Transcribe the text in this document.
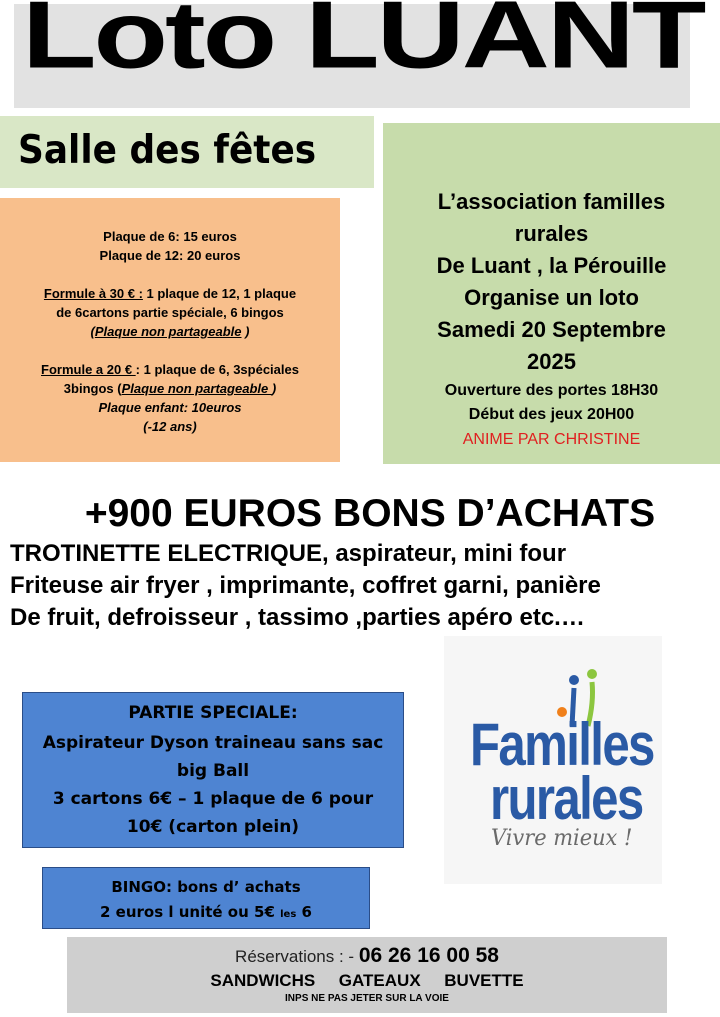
Loto LUANT
Salle des fêtes
Plaque de 6: 15 euros
Plaque de 12: 20 euros
Formule à 30 € : 1 plaque de 12, 1 plaque
de 6cartons partie spéciale, 6 bingos
(Plaque non partageable )
Formule a 20 € : 1 plaque de 6, 3spéciales
3bingos (Plaque non partageable )
Plaque enfant: 10euros
(-12 ans)
L’association familles
rurales
De Luant , la Pérouille
Organise un loto
Samedi 20 Septembre
2025
Ouverture des portes 18H30
Début des jeux 20H00
ANIME PAR CHRISTINE
+900 EUROS BONS D’ACHATS
TROTINETTE ELECTRIQUE, aspirateur, mini four
Friteuse air fryer , imprimante, coffret garni, panière
De fruit, defroisseur , tassimo ,parties apéro etc.…
Familles
rurales
Vivre mieux !
PARTIE SPECIALE:
Aspirateur Dyson traineau sans sac
big Ball
3 cartons 6€ – 1 plaque de 6 pour
10€ (carton plein)
BINGO: bons d’ achats
2 euros l unité ou 5€ les 6
Réservations : - 06 26 16 00 58
SANDWICHS     GATEAUX     BUVETTE
INPS NE PAS JETER SUR LA VOIE
